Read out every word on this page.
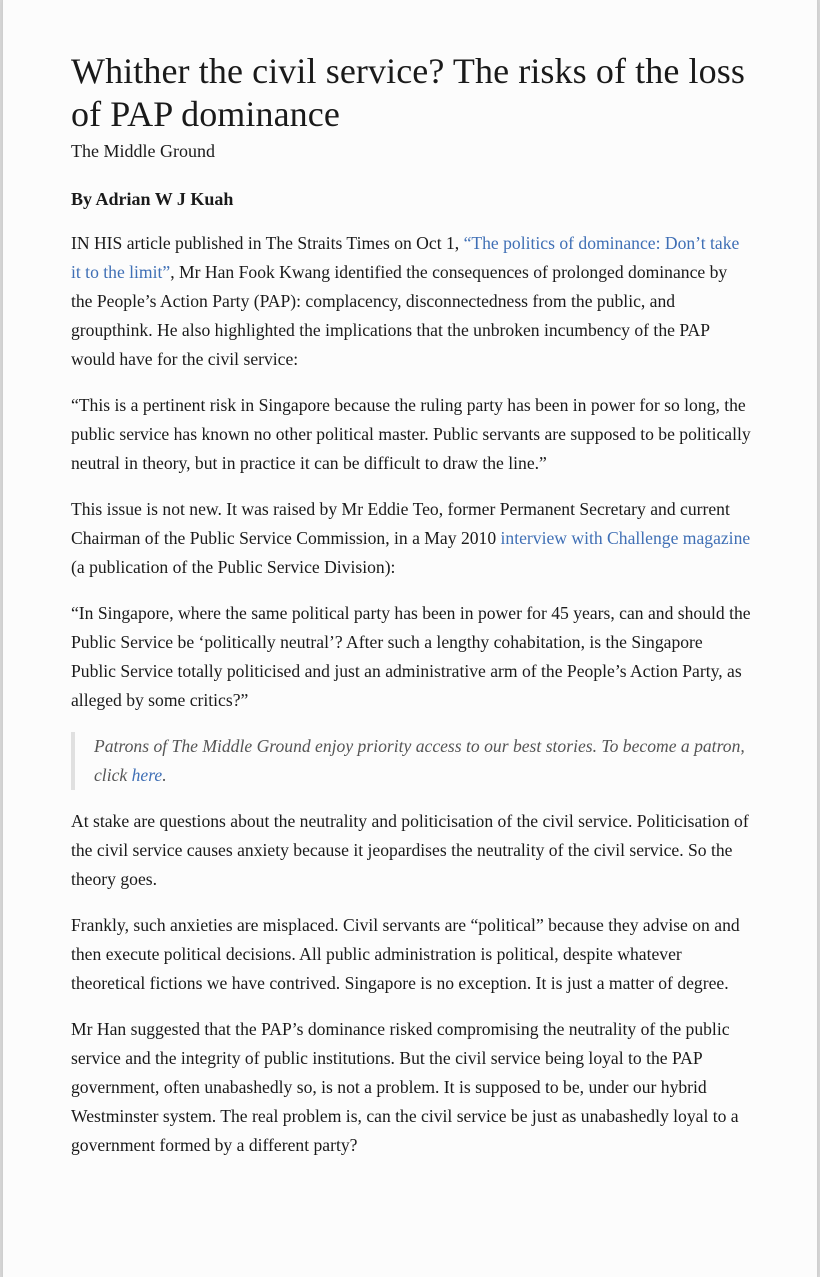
Whither the civil service? The risks of the loss of PAP dominance
The Middle Ground
By Adrian W J Kuah

IN HIS article published in The Straits Times on Oct 1, “The politics of dominance: Don’t take it to the limit”, Mr Han Fook Kwang identified the consequences of prolonged dominance by the People’s Action Party (PAP): complacency, disconnectedness from the public, and groupthink. He also highlighted the implications that the unbroken incumbency of the PAP would have for the civil service:

“This is a pertinent risk in Singapore because the ruling party has been in power for so long, the public service has known no other political master. Public servants are supposed to be politically neutral in theory, but in practice it can be difficult to draw the line.”

This issue is not new. It was raised by Mr Eddie Teo, former Permanent Secretary and current Chairman of the Public Service Commission, in a May 2010 interview with Challenge magazine (a publication of the Public Service Division):

“In Singapore, where the same political party has been in power for 45 years, can and should the Public Service be ‘politically neutral’? After such a lengthy cohabitation, is the Singapore Public Service totally politicised and just an administrative arm of the People’s Action Party, as alleged by some critics?”

Patrons of The Middle Ground enjoy priority access to our best stories. To become a patron, click here.

At stake are questions about the neutrality and politicisation of the civil service. Politicisation of the civil service causes anxiety because it jeopardises the neutrality of the civil service. So the theory goes.

Frankly, such anxieties are misplaced. Civil servants are “political” because they advise on and then execute political decisions. All public administration is political, despite whatever theoretical fictions we have contrived. Singapore is no exception. It is just a matter of degree.

Mr Han suggested that the PAP’s dominance risked compromising the neutrality of the public service and the integrity of public institutions. But the civil service being loyal to the PAP government, often unabashedly so, is not a problem. It is supposed to be, under our hybrid Westminster system. The real problem is, can the civil service be just as unabashedly loyal to a government formed by a different party?
